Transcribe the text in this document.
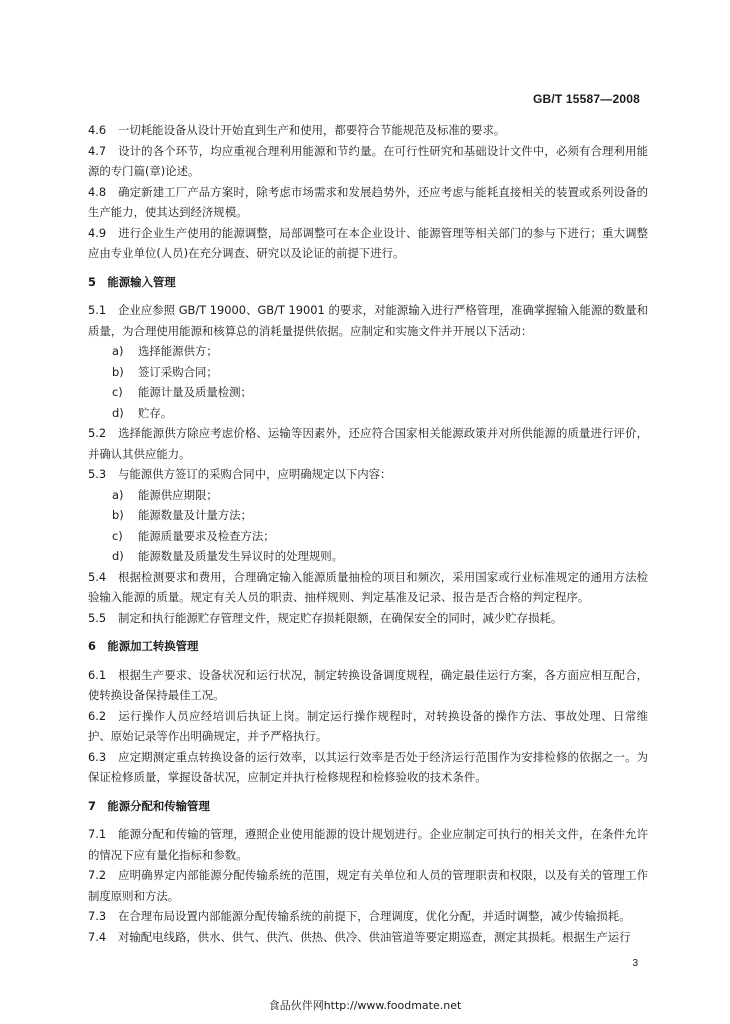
GB/T 15587—2008
4.6 一切耗能设备从设计开始直到生产和使用，都要符合节能规范及标准的要求。
4.7 设计的各个环节，均应重视合理利用能源和节约量。在可行性研究和基础设计文件中，必须有合理利用能源的专门篇(章)论述。
4.8 确定新建工厂产品方案时，除考虑市场需求和发展趋势外，还应考虑与能耗直接相关的装置或系列设备的生产能力，使其达到经济规模。
4.9 进行企业生产使用的能源调整，局部调整可在本企业设计、能源管理等相关部门的参与下进行；重大调整应由专业单位(人员)在充分调查、研究以及论证的前提下进行。
5　能源输入管理
5.1 企业应参照 GB/T 19000、GB/T 19001 的要求，对能源输入进行严格管理，准确掌握输入能源的数量和质量，为合理使用能源和核算总的消耗量提供依据。应制定和实施文件并开展以下活动：
a) 选择能源供方；
b) 签订采购合同；
c) 能源计量及质量检测；
d) 贮存。
5.2 选择能源供方除应考虑价格、运输等因素外，还应符合国家相关能源政策并对所供能源的质量进行评价，并确认其供应能力。
5.3 与能源供方签订的采购合同中，应明确规定以下内容：
a) 能源供应期限；
b) 能源数量及计量方法；
c) 能源质量要求及检查方法；
d) 能源数量及质量发生异议时的处理规则。
5.4 根据检测要求和费用，合理确定输入能源质量抽检的项目和频次，采用国家或行业标准规定的通用方法检验输入能源的质量。规定有关人员的职责、抽样规则、判定基准及记录、报告是否合格的判定程序。
5.5 制定和执行能源贮存管理文件，规定贮存损耗限额，在确保安全的同时，减少贮存损耗。
6　能源加工转换管理
6.1 根据生产要求、设备状况和运行状况，制定转换设备调度规程，确定最佳运行方案，各方面应相互配合，使转换设备保持最佳工况。
6.2 运行操作人员应经培训后执证上岗。制定运行操作规程时，对转换设备的操作方法、事故处理、日常维护、原始记录等作出明确规定，并予严格执行。
6.3 应定期测定重点转换设备的运行效率，以其运行效率是否处于经济运行范围作为安排检修的依据之一。为保证检修质量，掌握设备状况，应制定并执行检修规程和检修验收的技术条件。
7　能源分配和传输管理
7.1 能源分配和传输的管理，遵照企业使用能源的设计规划进行。企业应制定可执行的相关文件，在条件允许的情况下应有量化指标和参数。
7.2 应明确界定内部能源分配传输系统的范围，规定有关单位和人员的管理职责和权限，以及有关的管理工作制度原则和方法。
7.3 在合理布局设置内部能源分配传输系统的前提下，合理调度，优化分配，并适时调整，减少传输损耗。
7.4 对输配电线路，供水、供气、供汽、供热、供冷、供油管道等要定期巡查，测定其损耗。根据生产运行
3
食品伙伴网http://www.foodmate.net
